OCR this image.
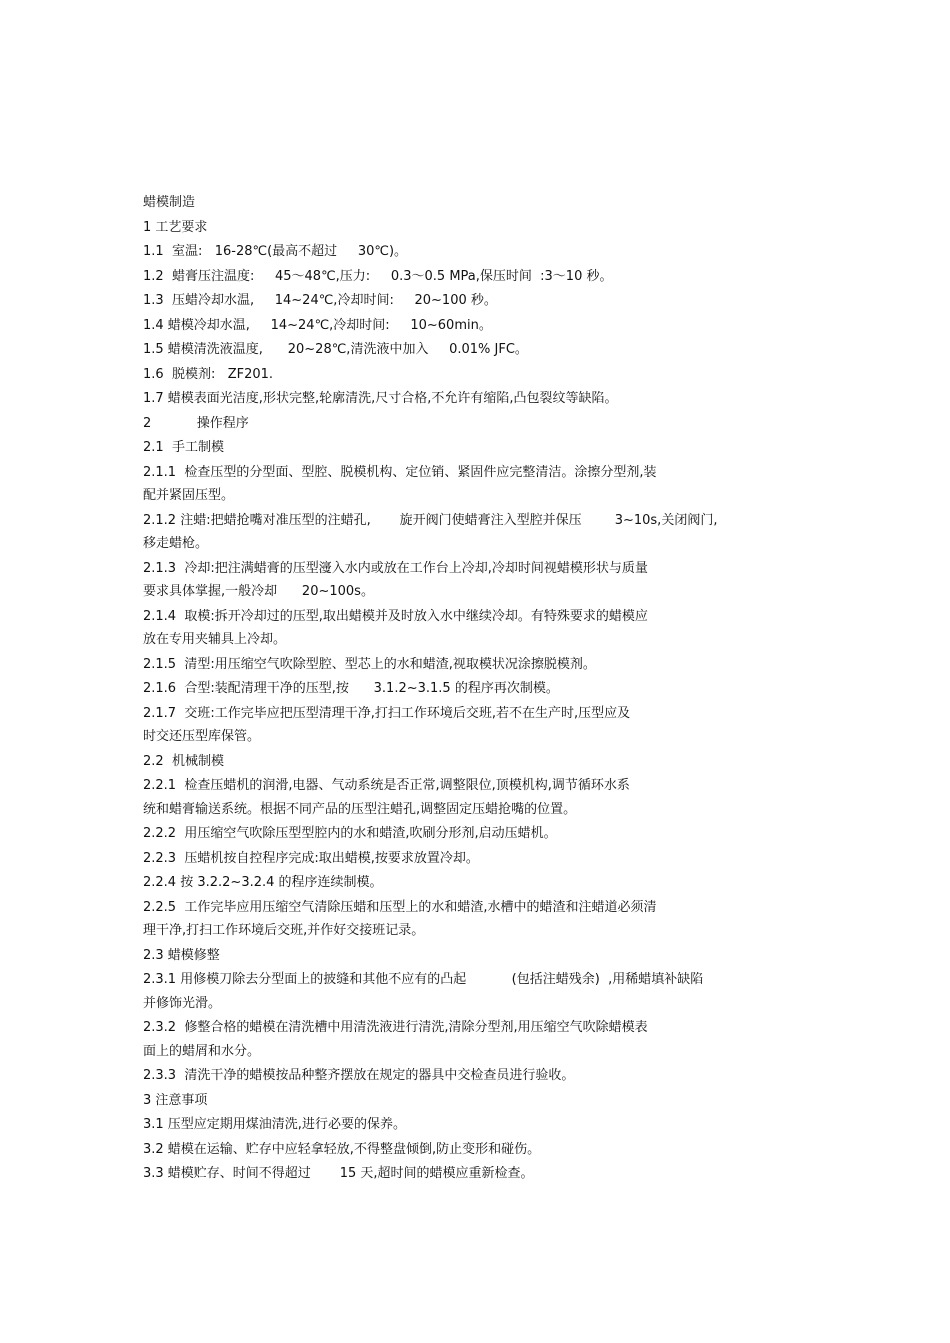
蜡模制造

1 工艺要求

1.1  室温:   16-28℃(最高不超过     30℃)。

1.2  蜡膏压注温度:     45～48℃,压力:     0.3～0.5 MPa,保压时间  :3～10 秒。

1.3  压蜡冷却水温,     14~24℃,冷却时间:     20~100 秒。

1.4 蜡模冷却水温,     14~24℃,冷却时间:     10~60min。

1.5 蜡模清洗液温度,      20~28℃,清洗液中加入     0.01% JFC。

1.6  脱模剂:   ZF201.

1.7 蜡模表面光洁度,形状完整,轮廓清洗,尺寸合格,不允许有缩陷,凸包裂纹等缺陷。

2           操作程序

2.1  手工制模

2.1.1  检查压型的分型面、型腔、脱模机构、定位销、紧固件应完整清洁。涂擦分型剂,装

配并紧固压型。

2.1.2 注蜡:把蜡抢嘴对准压型的注蜡孔,       旋开阀门使蜡膏注入型腔并保压        3~10s,关闭阀门,

移走蜡枪。

2.1.3  冷却:把注满蜡膏的压型濅入水内或放在工作台上冷却,冷却时间视蜡模形状与质量

要求具体掌握,一般冷却      20~100s。

2.1.4  取模:拆开冷却过的压型,取出蜡模并及时放入水中继续冷却。有特殊要求的蜡模应

放在专用夹辅具上冷却。

2.1.5  清型:用压缩空气吹除型腔、型芯上的水和蜡渣,视取模状况涂擦脱模剂。

2.1.6  合型:装配清理干净的压型,按      3.1.2~3.1.5 的程序再次制模。

2.1.7  交班:工作完毕应把压型清理干净,打扫工作环境后交班,若不在生产时,压型应及

时交还压型库保管。

2.2  机械制模

2.2.1  检查压蜡机的润滑,电器、气动系统是否正常,调整限位,顶模机构,调节循环水系

统和蜡膏输送系统。根据不同产品的压型注蜡孔,调整固定压蜡抢嘴的位置。

2.2.2  用压缩空气吹除压型型腔内的水和蜡渣,吹刷分形剂,启动压蜡机。

2.2.3  压蜡机按自控程序完成:取出蜡模,按要求放置冷却。

2.2.4 按 3.2.2~3.2.4 的程序连续制模。

2.2.5  工作完毕应用压缩空气清除压蜡和压型上的水和蜡渣,水槽中的蜡渣和注蜡道必须清

理干净,打扫工作环境后交班,并作好交接班记录。

2.3 蜡模修整

2.3.1 用修模刀除去分型面上的披缝和其他不应有的凸起           (包括注蜡残余)  ,用稀蜡填补缺陷

并修饰光滑。

2.3.2  修整合格的蜡模在清洗槽中用清洗液进行清洗,清除分型剂,用压缩空气吹除蜡模表

面上的蜡屑和水分。

2.3.3  清洗干净的蜡模按品种整齐摆放在规定的器具中交检查员进行验收。

3 注意事项

3.1 压型应定期用煤油清洗,进行必要的保养。

3.2 蜡模在运输、贮存中应轻拿轻放,不得整盘倾倒,防止变形和碰伤。

3.3 蜡模贮存、时间不得超过       15 天,超时间的蜡模应重新检查。
